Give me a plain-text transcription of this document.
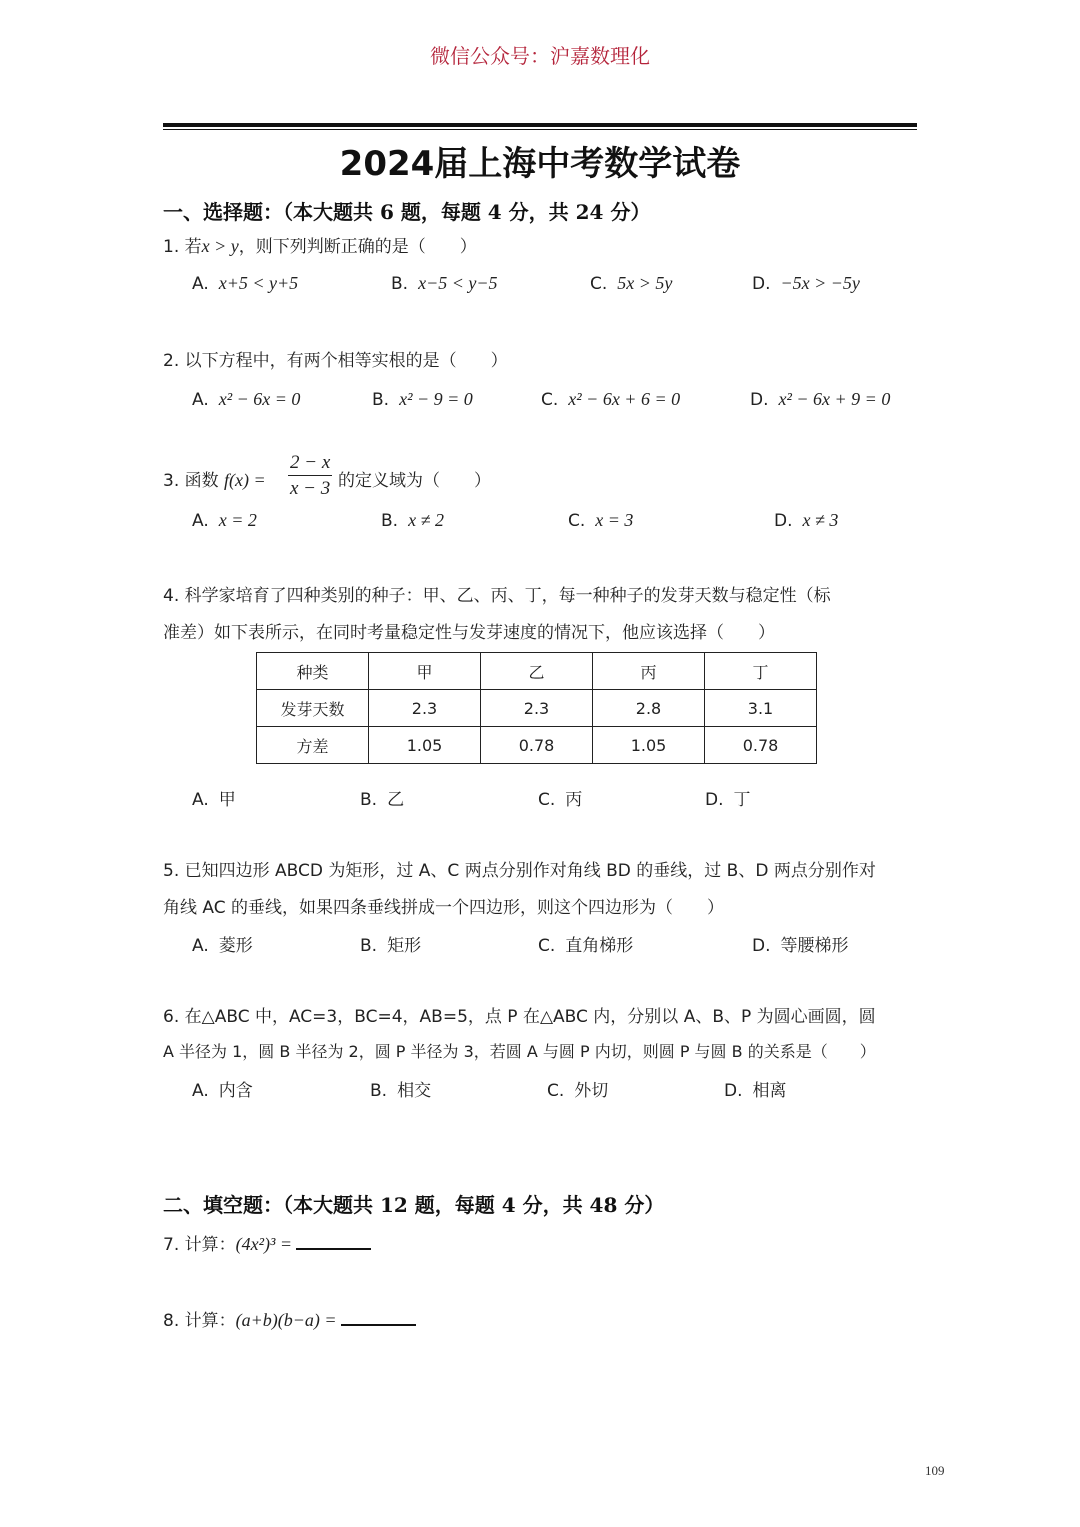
微信公众号：沪嘉数理化
2024届上海中考数学试卷
一、选择题：（本大题共 6 题，每题 4 分，共 24 分）
1. 若x > y，则下列判断正确的是（　　）
A. x+5 < y+5	B. x−5 < y−5	C. 5x > 5y	D. −5x > −5y
2. 以下方程中，有两个相等实根的是（　　）
A. x² − 6x = 0	B. x² − 9 = 0	C. x² − 6x + 6 = 0	D. x² − 6x + 9 = 0
3. 函数 $f(x) = \frac{2 - x}{x - 3}$ 的定义域为（　　）
A. x = 2	B. x ≠ 2	C. x = 3	D. x ≠ 3
4. 科学家培育了四种类别的种子：甲、乙、丙、丁，每一种种子的发芽天数与稳定性（标
准差）如下表所示，在同时考量稳定性与发芽速度的情况下，他应该选择（　　）
种类	甲	乙	丙	丁
发芽天数	2.3	2.3	2.8	3.1
方差	1.05	0.78	1.05	0.78
A. 甲	B. 乙	C. 丙	D. 丁
5. 已知四边形 ABCD 为矩形，过 A、C 两点分别作对角线 BD 的垂线，过 B、D 两点分别作对
角线 AC 的垂线，如果四条垂线拼成一个四边形，则这个四边形为（　　）
A. 菱形	B. 矩形	C. 直角梯形	D. 等腰梯形
6. 在△ABC 中，AC=3，BC=4，AB=5，点 P 在△ABC 内，分别以 A、B、P 为圆心画圆，圆
A 半径为 1，圆 B 半径为 2，圆 P 半径为 3，若圆 A 与圆 P 内切，则圆 P 与圆 B 的关系是（　　）
A. 内含	B. 相交	C. 外切	D. 相离
二、填空题：（本大题共 12 题，每题 4 分，共 48 分）
7. 计算：(4x²)³ =
8. 计算：(a+b)(b−a) =
109
